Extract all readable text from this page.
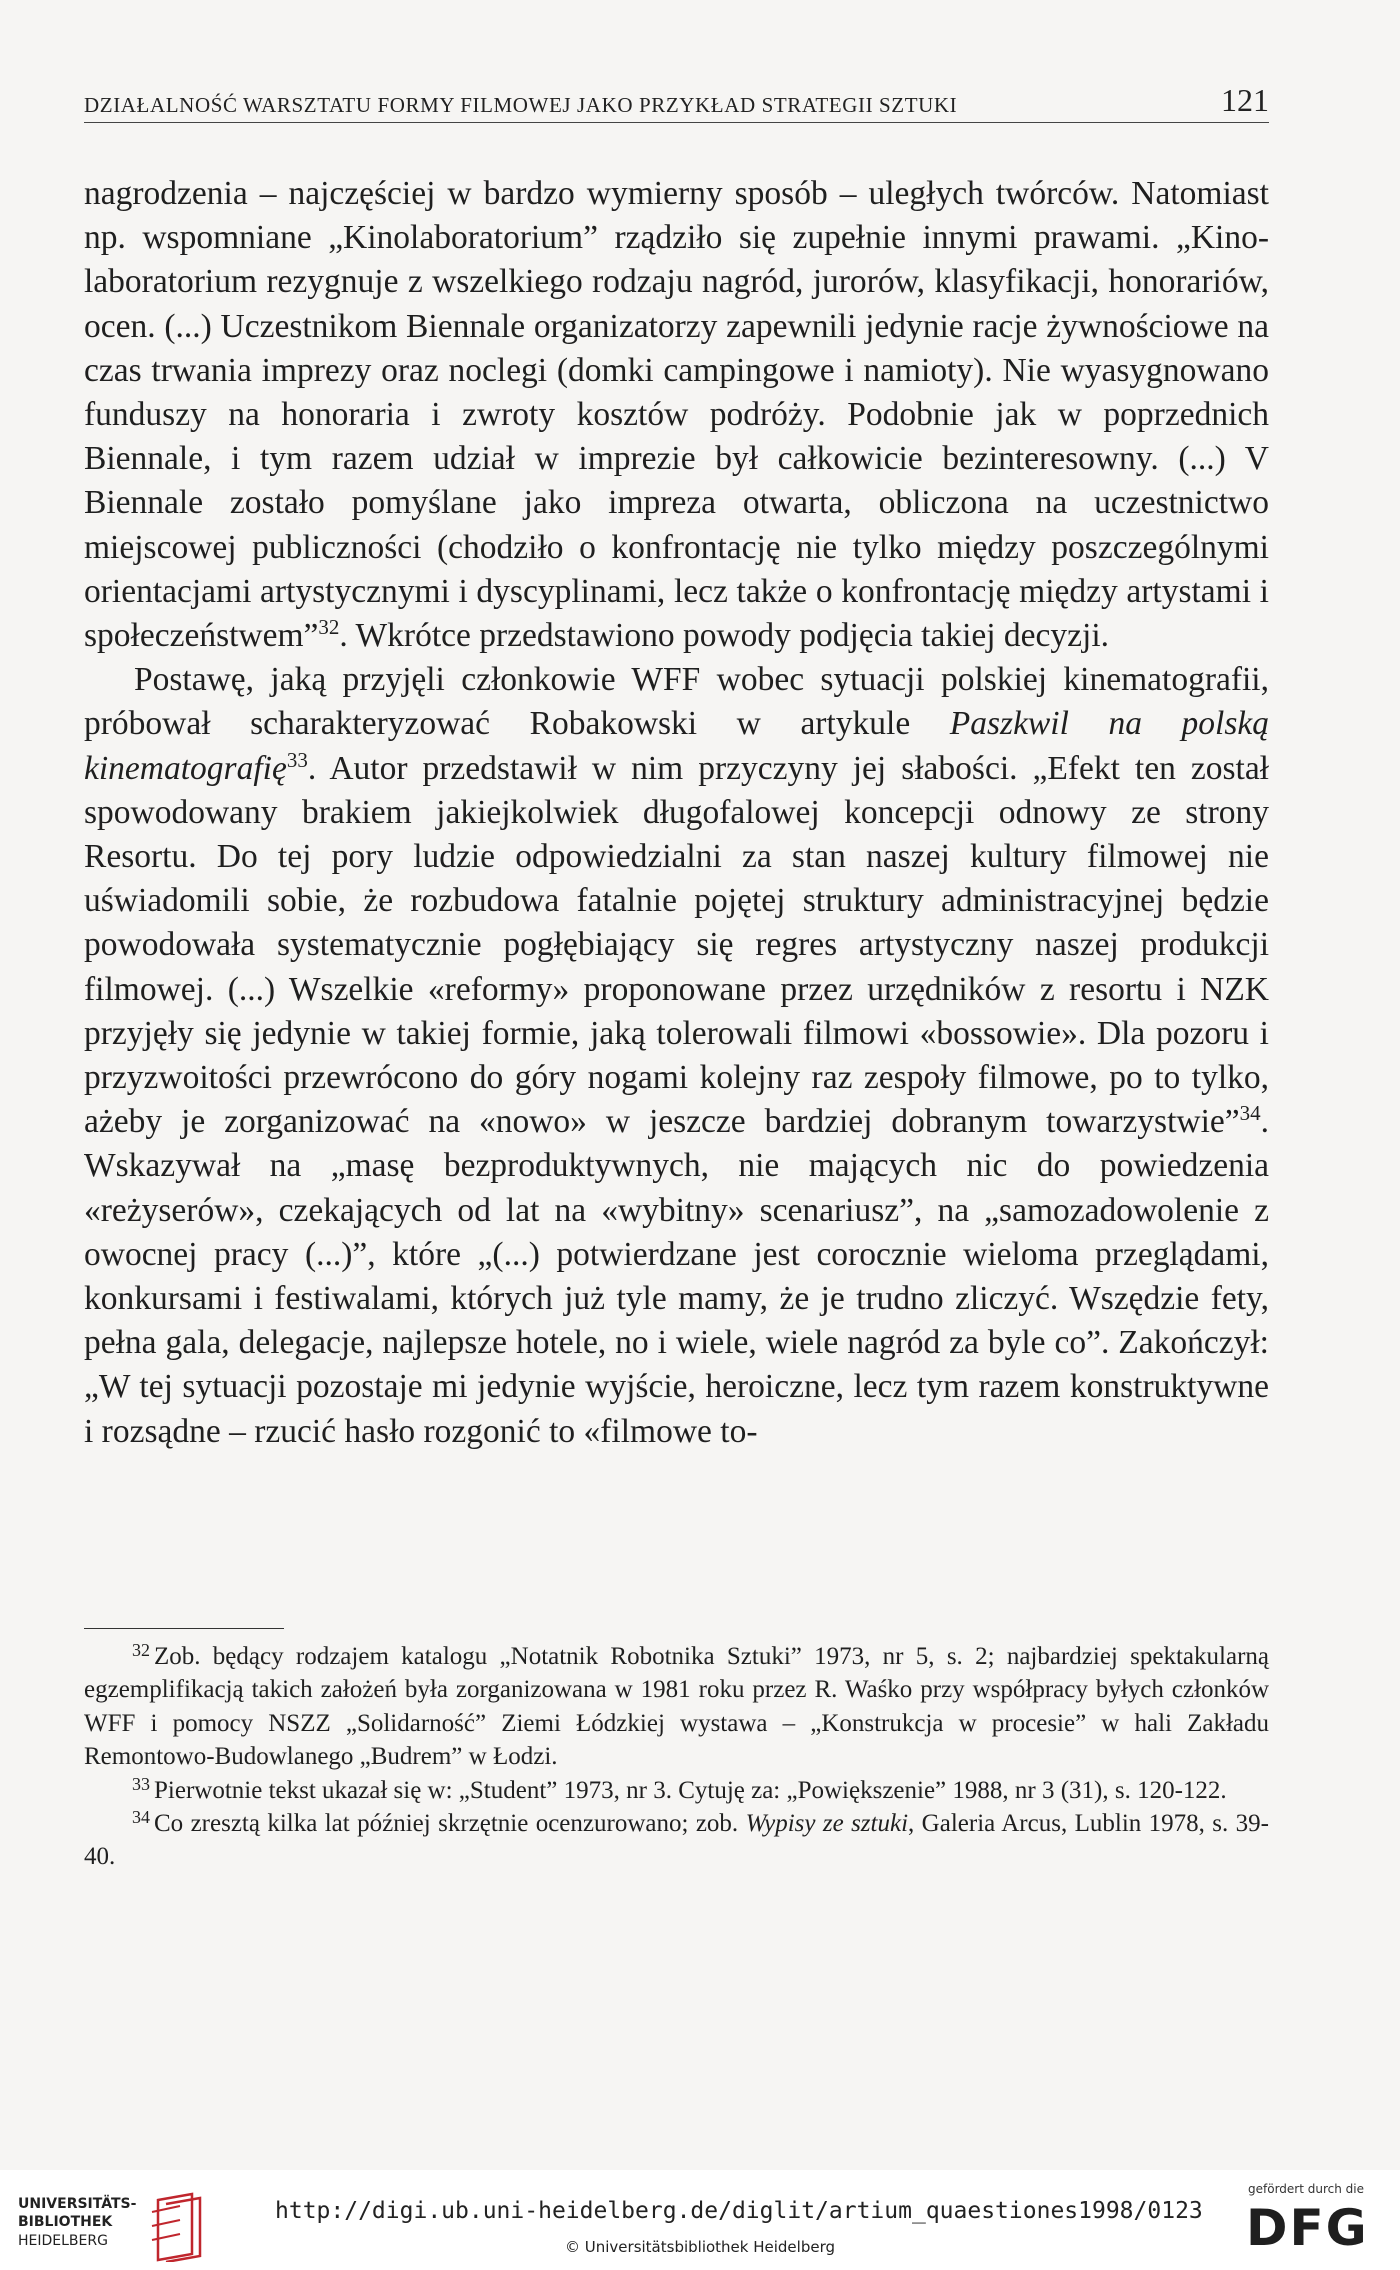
DZIAŁALNOŚĆ WARSZTATU FORMY FILMOWEJ JAKO PRZYKŁAD STRATEGII SZTUKI	121

nagrodzenia – najczęściej w bardzo wymierny sposób – uległych twórców. Natomiast np. wspomniane „Kinolaboratorium” rządziło się zupełnie innymi prawami. „Kino-laboratorium rezygnuje z wszelkiego rodzaju nagród, jurorów, klasyfikacji, honorariów, ocen. (...) Uczestnikom Biennale organizatorzy zapewnili jedynie racje żywnościowe na czas trwania imprezy oraz noclegi (domki campingowe i namioty). Nie wyasygnowano funduszy na honoraria i zwroty kosztów podróży. Podobnie jak w poprzednich Biennale, i tym razem udział w imprezie był całkowicie bezinteresowny. (...) V Biennale zostało pomyślane jako impreza otwarta, obliczona na uczestnictwo miejscowej publiczności (chodziło o konfrontację nie tylko między poszczególnymi orientacjami artystycznymi i dyscyplinami, lecz także o konfrontację między artystami i społeczeństwem”$^{32}$. Wkrótce przedstawiono powody podjęcia takiej decyzji.

Postawę, jaką przyjęli członkowie WFF wobec sytuacji polskiej kinematografii, próbował scharakteryzować Robakowski w artykule Paszkwil na polską kinematografię$^{33}$. Autor przedstawił w nim przyczyny jej słabości. „Efekt ten został spowodowany brakiem jakiejkolwiek długofalowej koncepcji odnowy ze strony Resortu. Do tej pory ludzie odpowiedzialni za stan naszej kultury filmowej nie uświadomili sobie, że rozbudowa fatalnie pojętej struktury administracyjnej będzie powodowała systematycznie pogłębiający się regres artystyczny naszej produkcji filmowej. (...) Wszelkie «reformy» proponowane przez urzędników z resortu i NZK przyjęły się jedynie w takiej formie, jaką tolerowali filmowi «bossowie». Dla pozoru i przyzwoitości przewrócono do góry nogami kolejny raz zespoły filmowe, po to tylko, ażeby je zorganizować na «nowo» w jeszcze bardziej dobranym towarzystwie”$^{34}$. Wskazywał na „masę bezproduktywnych, nie mających nic do powiedzenia «reżyserów», czekających od lat na «wybitny» scenariusz”, na „samozadowolenie z owocnej pracy (...)”, które „(...) potwierdzane jest corocznie wieloma przeglądami, konkursami i festiwalami, których już tyle mamy, że je trudno zliczyć. Wszędzie fety, pełna gala, delegacje, najlepsze hotele, no i wiele, wiele nagród za byle co”. Zakończył: „W tej sytuacji pozostaje mi jedynie wyjście, heroiczne, lecz tym razem konstruktywne i rozsądne – rzucić hasło rozgonić to «filmowe to-

$^{32}$ Zob. będący rodzajem katalogu „Notatnik Robotnika Sztuki” 1973, nr 5, s. 2; najbardziej spektakularną egzemplifikacją takich założeń była zorganizowana w 1981 roku przez R. Waśko przy współpracy byłych członków WFF i pomocy NSZZ „Solidarność” Ziemi Łódzkiej wystawa – „Konstrukcja w procesie” w hali Zakładu Remontowo-Budowlanego „Budrem” w Łodzi.

$^{33}$ Pierwotnie tekst ukazał się w: „Student” 1973, nr 3. Cytuję za: „Powiększenie” 1988, nr 3 (31), s. 120-122.

$^{34}$ Co zresztą kilka lat później skrzętnie ocenzurowano; zob. Wypisy ze sztuki, Galeria Arcus, Lublin 1978, s. 39-40.

UNIVERSITÄTS-
BIBLIOTHEK
HEIDELBERG
http://digi.ub.uni-heidelberg.de/diglit/artium_quaestiones1998/0123
© Universitätsbibliothek Heidelberg
gefördert durch die
DFG
